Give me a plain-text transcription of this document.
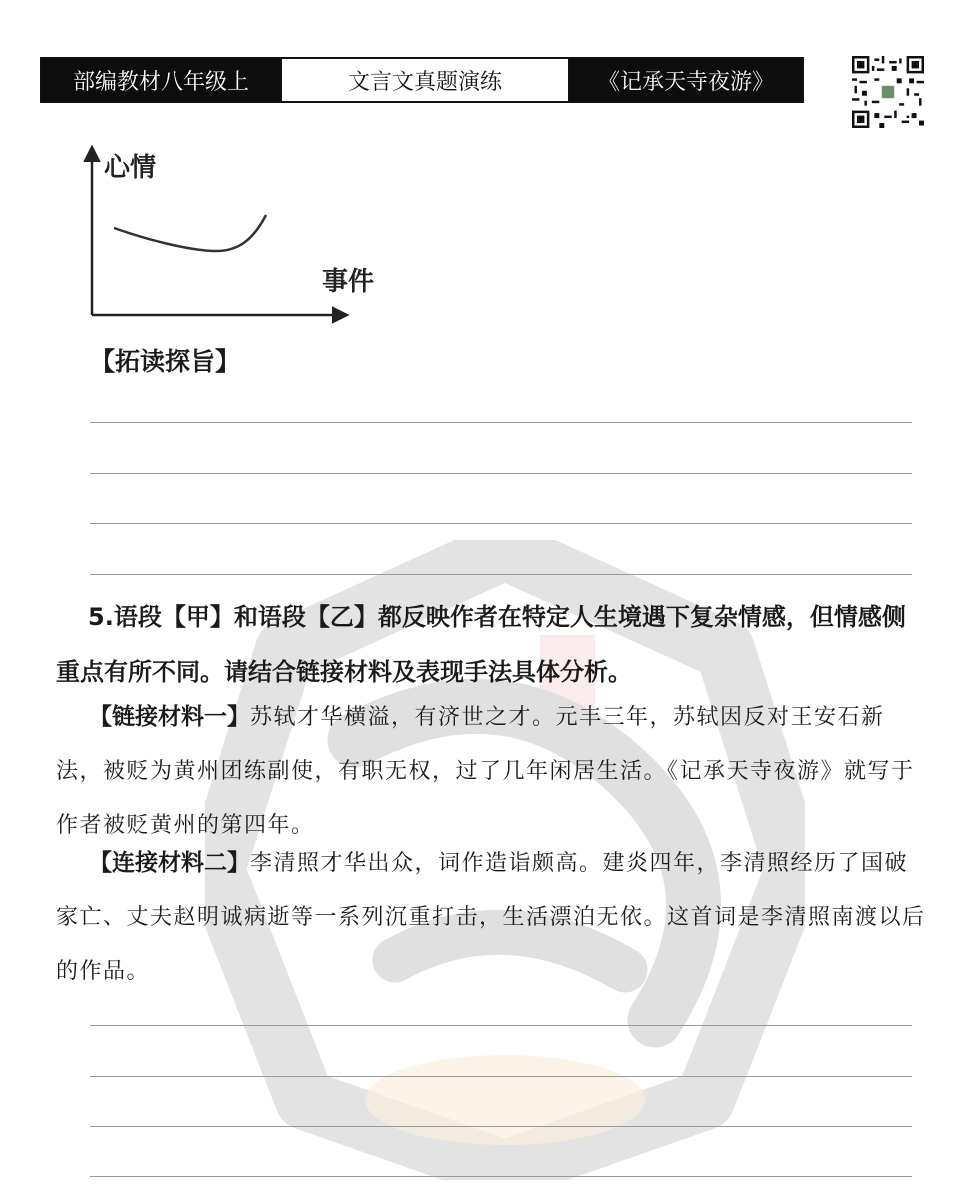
部编教材八年级上	文言文真题演练	《记承天寺夜游》
心情
事件
【拓读探旨】

5.语段【甲】和语段【乙】都反映作者在特定人生境遇下复杂情感，但情感侧重点有所不同。请结合链接材料及表现手法具体分析。

【链接材料一】苏轼才华横溢，有济世之才。元丰三年，苏轼因反对王安石新法，被贬为黄州团练副使，有职无权，过了几年闲居生活。《记承天寺夜游》就写于作者被贬黄州的第四年。

【连接材料二】李清照才华出众，词作造诣颇高。建炎四年，李清照经历了国破家亡、丈夫赵明诚病逝等一系列沉重打击，生活漂泊无依。这首词是李清照南渡以后的作品。
